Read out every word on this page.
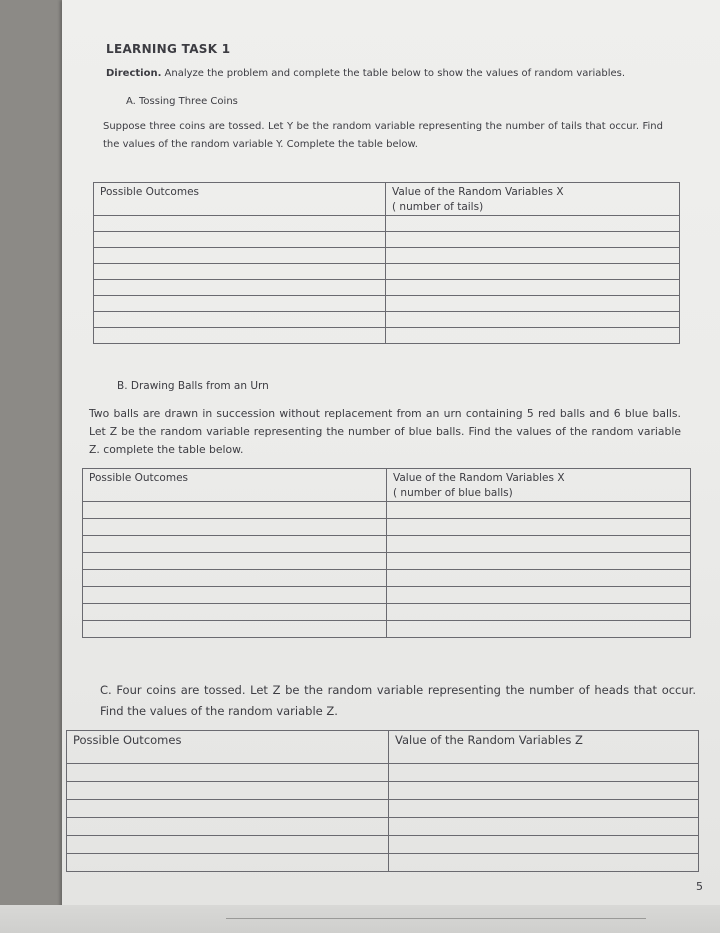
LEARNING TASK 1
Direction. Analyze the problem and complete the table below to show the values of random variables.
A. Tossing Three Coins
Suppose three coins are tossed. Let Y be the random variable representing the number of tails that occur. Find the values of the random variable Y. Complete the table below.
Possible Outcomes	Value of the Random Variables X
( number of tails)

B. Drawing Balls from an Urn
Two balls are drawn in succession without replacement from an urn containing 5 red balls and 6 blue balls. Let Z be the random variable representing the number of blue balls. Find the values of the random variable Z. complete the table below.
Possible Outcomes	Value of the Random Variables X
( number of blue balls)

C. Four coins are tossed. Let Z be the random variable representing the number of heads that occur. Find the values of the random variable Z.
Possible Outcomes	Value of the Random Variables Z

5
